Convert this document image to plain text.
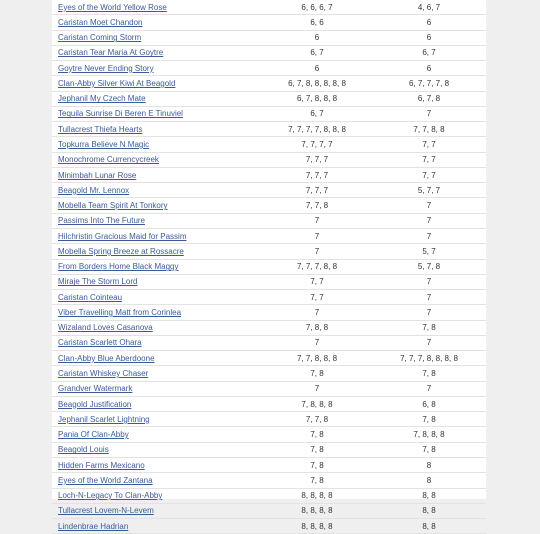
Eyes of the World Yellow Rose	6, 6, 6, 7	4, 6, 7
Caristan Moet Chandon	6, 6	6
Caristan Coming Storm	6	6
Caristan Tear Maria At Goytre	6, 7	6, 7
Goytre Never Ending Story	6	6
Clan-Abby Silver Kiwi At Beagold	6, 7, 8, 8, 8, 8, 8	6, 7, 7, 7, 8
Jephanil My Czech Mate	6, 7, 8, 8, 8	6, 7, 8
Tequila Sunrise Di Beren E Tinuviel	6, 7	7
Tullacrest Thiefa Hearts	7, 7, 7, 7, 8, 8, 8	7, 7, 8, 8
Topkurra Believe N Magic	7, 7, 7, 7	7, 7
Monochrome Currencycreek	7, 7, 7	7, 7
Minimbah Lunar Rose	7, 7, 7	7, 7
Beagold Mr. Lennox	7, 7, 7	5, 7, 7
Mobella Team Spirit At Tonkory	7, 7, 8	7
Passims Into The Future	7	7
Hilchristin Gracious Maid for Passim	7	7
Mobella Spring Breeze at Rossacre	7	5, 7
From Borders Home Black Maggy	7, 7, 7, 8, 8	5, 7, 8
Miraje The Storm Lord	7, 7	7
Caristan Cointeau	7, 7	7
Viber Travelling Matt from Corinlea	7	7
Wizaland Loves Casanova	7, 8, 8	7, 8
Caristan Scarlett Ohara	7	7
Clan-Abby Blue Aberdoone	7, 7, 8, 8, 8	7, 7, 7, 8, 8, 8, 8
Caristan Whiskey Chaser	7, 8	7, 8
Grandver Watermark	7	7
Beagold Justification	7, 8, 8, 8	6, 8
Jephanil Scarlet Lightning	7, 7, 8	7, 8
Pania Of Clan-Abby	7, 8	7, 8, 8, 8
Beagold Louis	7, 8	7, 8
Hidden Farms Mexicano	7, 8	8
Eyes of the World Zantana	7, 8	8
Loch-N-Legacy To Clan-Abby	8, 8, 8, 8	8, 8
Tullacrest Lovem-N-Levem	8, 8, 8, 8	8, 8
Lindenbrae Hadrian	8, 8, 8, 8	8, 8
